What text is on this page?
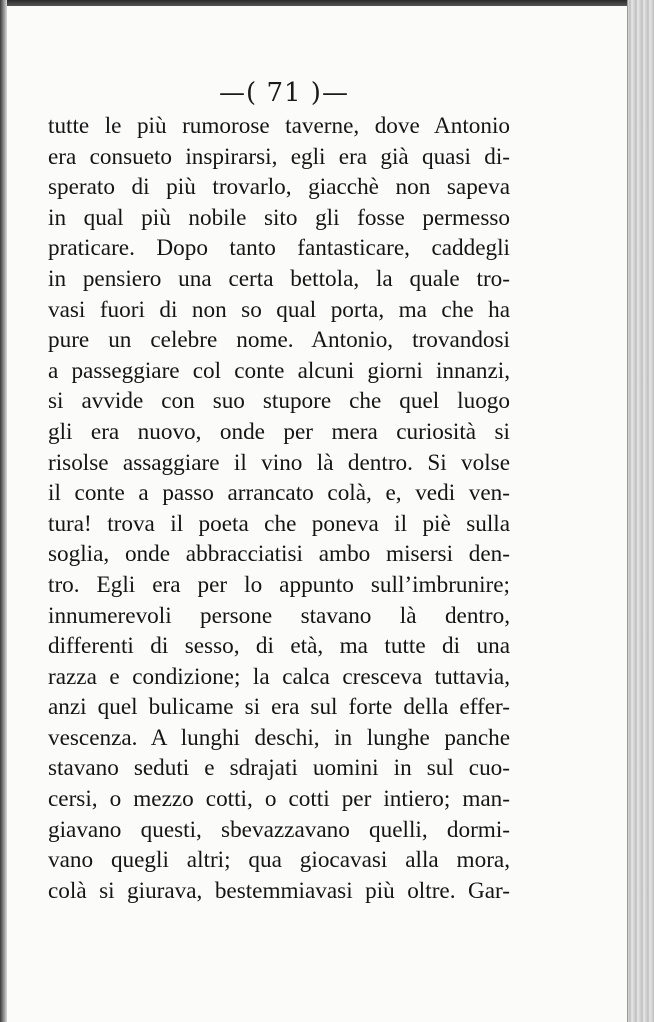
—( 71 )—
tutte le più rumorose taverne, dove Antonio
era consueto inspirarsi, egli era già quasi di-
sperato di più trovarlo, giacchè non sapeva
in qual più nobile sito gli fosse permesso
praticare. Dopo tanto fantasticare, caddegli
in pensiero una certa bettola, la quale tro-
vasi fuori di non so qual porta, ma che ha
pure un celebre nome. Antonio, trovandosi
a passeggiare col conte alcuni giorni innanzi,
si avvide con suo stupore che quel luogo
gli era nuovo, onde per mera curiosità si
risolse assaggiare il vino là dentro. Si volse
il conte a passo arrancato colà, e, vedi ven-
tura! trova il poeta che poneva il piè sulla
soglia, onde abbracciatisi ambo misersi den-
tro. Egli era per lo appunto sull’imbrunire;
innumerevoli persone stavano là dentro,
differenti di sesso, di età, ma tutte di una
razza e condizione; la calca cresceva tuttavia,
anzi quel bulicame si era sul forte della effer-
vescenza. A lunghi deschi, in lunghe panche
stavano seduti e sdrajati uomini in sul cuo-
cersi, o mezzo cotti, o cotti per intiero; man-
giavano questi, sbevazzavano quelli, dormi-
vano quegli altri; qua giocavasi alla mora,
colà si giurava, bestemmiavasi più oltre. Gar-
